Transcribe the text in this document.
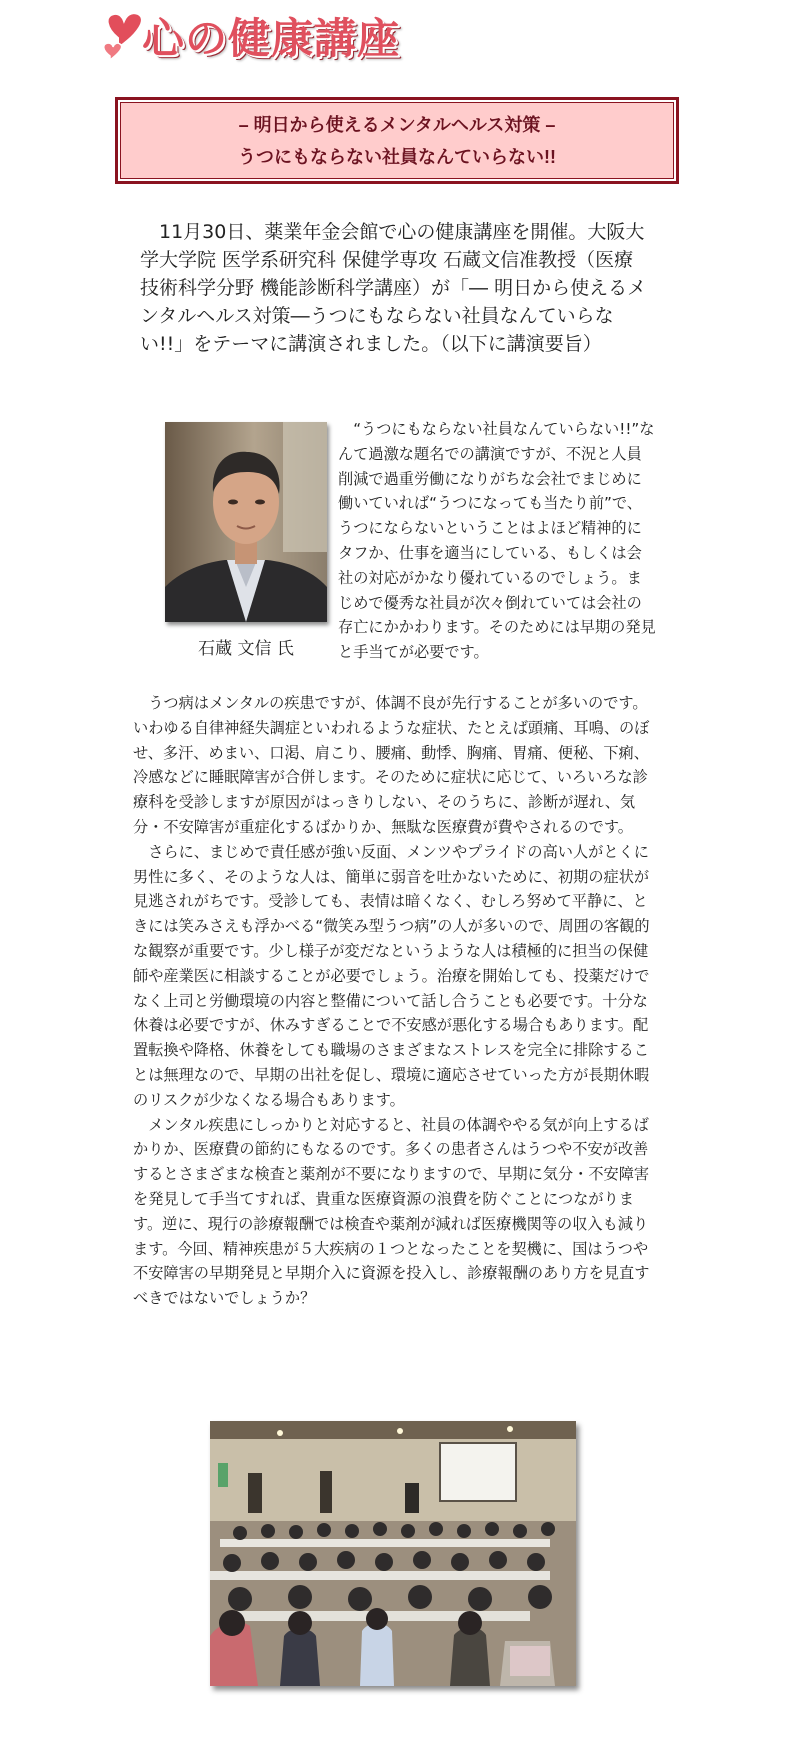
心の健康講座
– 明日から使えるメンタルヘルス対策 –
うつにもならない社員なんていらない!!

11月30日、薬業年金会館で心の健康講座を開催。大阪大学大学院 医学系研究科 保健学専攻 石蔵文信准教授（医療技術科学分野 機能診断科学講座）が「― 明日から使えるメンタルヘルス対策―うつにもならない社員なんていらない!!」をテーマに講演されました。（以下に講演要旨）

石蔵 文信 氏

“うつにもならない社員なんていらない!!”なんて過激な題名での講演ですが、不況と人員削減で過重労働になりがちな会社でまじめに働いていれば“うつになっても当たり前”で、うつにならないということはよほど精神的にタフか、仕事を適当にしている、もしくは会社の対応がかなり優れているのでしょう。まじめで優秀な社員が次々倒れていては会社の存亡にかかわります。そのためには早期の発見と手当てが必要です。

うつ病はメンタルの疾患ですが、体調不良が先行することが多いのです。いわゆる自律神経失調症といわれるような症状、たとえば頭痛、耳鳴、のぼせ、多汗、めまい、口渇、肩こり、腰痛、動悸、胸痛、胃痛、便秘、下痢、冷感などに睡眠障害が合併します。そのために症状に応じて、いろいろな診療科を受診しますが原因がはっきりしない、そのうちに、診断が遅れ、気分・不安障害が重症化するばかりか、無駄な医療費が費やされるのです。

さらに、まじめで責任感が強い反面、メンツやプライドの高い人がとくに男性に多く、そのような人は、簡単に弱音を吐かないために、初期の症状が見逃されがちです。受診しても、表情は暗くなく、むしろ努めて平静に、ときには笑みさえも浮かべる“微笑み型うつ病”の人が多いので、周囲の客観的な観察が重要です。少し様子が変だなというような人は積極的に担当の保健師や産業医に相談することが必要でしょう。治療を開始しても、投薬だけでなく上司と労働環境の内容と整備について話し合うことも必要です。十分な休養は必要ですが、休みすぎることで不安感が悪化する場合もあります。配置転換や降格、休養をしても職場のさまざまなストレスを完全に排除することは無理なので、早期の出社を促し、環境に適応させていった方が長期休暇のリスクが少なくなる場合もあります。

メンタル疾患にしっかりと対応すると、社員の体調ややる気が向上するばかりか、医療費の節約にもなるのです。多くの患者さんはうつや不安が改善するとさまざまな検査と薬剤が不要になりますので、早期に気分・不安障害を発見して手当てすれば、貴重な医療資源の浪費を防ぐことにつながります。逆に、現行の診療報酬では検査や薬剤が減れば医療機関等の収入も減ります。今回、精神疾患が５大疾病の１つとなったことを契機に、国はうつや不安障害の早期発見と早期介入に資源を投入し、診療報酬のあり方を見直すべきではないでしょうか？
